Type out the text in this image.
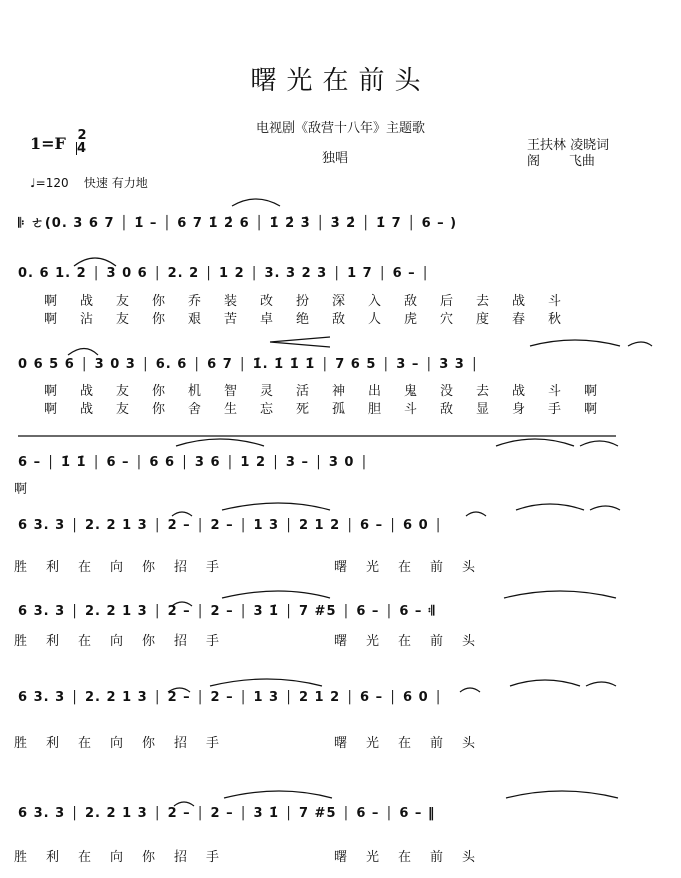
曙光在前头
电视剧《敌营十八年》主题歌
1=F 2
4
独唱
王扶林 凌晓词
阁       飞曲
♩=120 快速 有力地
𝄆 ㄜ(0. 3 6 7 │ 1̇ – │ 6 7 1̇ 2̇ 6 │ 1̇ 2̇ 3̇ │ 3̇ 2̇ │ 1̇ 7 │ 6 – )
0. 6 1. 2 │ 3 0 6 │ 2. 2 │ 1 2 │ 3. 3 2 3 │ 1 7 │ 6 – │
啊 战 友 你 乔 装 改 扮 深 入 敌 后 去 战 斗
啊 沾 友 你 艰 苦 卓 绝 敌 人 虎 穴 度 春 秋
0 6 5 6 │ 3 0 3 │ 6. 6 │ 6 7 │ 1̇. 1̇ 1̇ 1̇ │ 7 6 5 │ 3 – │ 3 3 │
啊 战 友 你 机 智 灵 活 神 出 鬼 没 去 战 斗 啊
啊 战 友 你 舍 生 忘 死 孤 胆 斗 敌 显 身 手 啊
6 – │ 1̇ 1̇ │ 6 – │ 6 6 │ 3 6 │ 1 2 │ 3 – │ 3 0 │
啊
6 3. 3 │ 2. 2 1 3 │ 2 – │ 2 – │ 1 3 │ 2 1 2 │ 6 – │ 6 0 │
胜 利 在 向 你 招 手	曙 光 在 前 头
6 3. 3 │ 2. 2 1 3 │ 2 – │ 2 – │ 3 1̇ │ 7 #5 │ 6 – │ 6 – 𝄇
胜 利 在 向 你 招 手	曙 光 在 前 头
6 3. 3 │ 2. 2 1 3 │ 2 – │ 2 – │ 1 3 │ 2 1 2 │ 6 – │ 6 0 │
胜 利 在 向 你 招 手	曙 光 在 前 头
6 3. 3 │ 2. 2 1 3 │ 2 – │ 2 – │ 3 1̇ │ 7 #5 │ 6 – │ 6 – ‖
胜 利 在 向 你 招 手	曙 光 在 前 头
